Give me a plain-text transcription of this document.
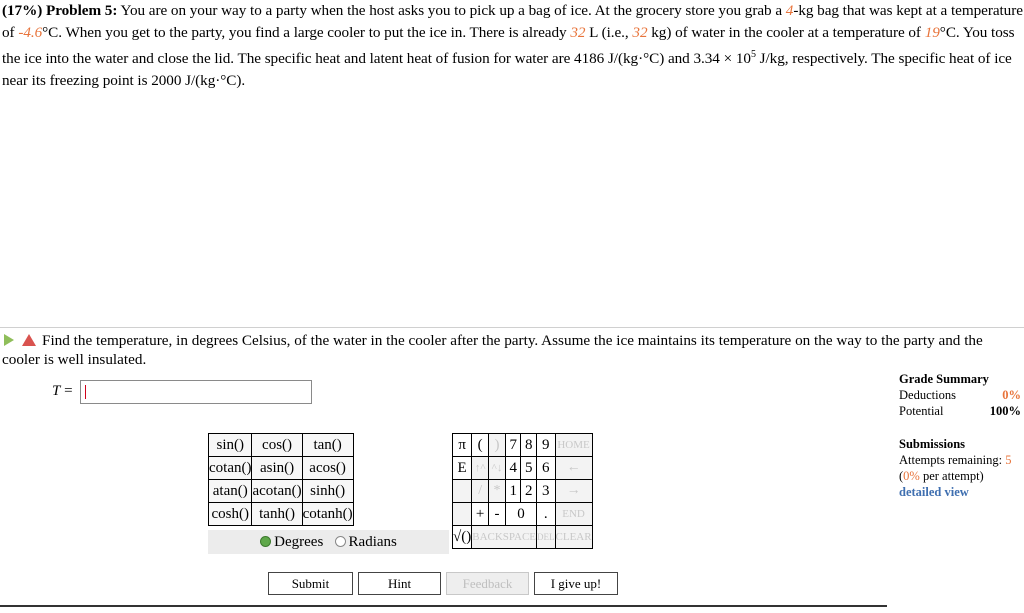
(17%) Problem 5: You are on your way to a party when the host asks you to pick up a bag of ice. At the grocery store you grab a 4-kg bag that was kept at a temperature of -4.6°C. When you get to the party, you find a large cooler to put the ice in. There is already 32 L (i.e., 32 kg) of water in the cooler at a temperature of 19°C. You toss the ice into the water and close the lid. The specific heat and latent heat of fusion for water are 4186 J/(kg·°C) and $3.34 \times 10^5$ J/kg, respectively. The specific heat of ice near its freezing point is 2000 J/(kg·°C).
Find the temperature, in degrees Celsius, of the water in the cooler after the party. Assume the ice maintains its temperature on the way to the party and the cooler is well insulated.
T =
sin()	cos()	tan()
cotan()	asin()	acos()
atan()	acotan()	sinh()
cosh()	tanh()	cotanh()
Degrees Radians
π	(	)	7	8	9	HOME
E	↑^	^↓	4	5	6	←
	/	*	1	2	3	→
	+	-	0		.	END
√()	BACKSPACE				DEL	CLEAR
Grade Summary
Deductions	0%
Potential	100%
Submissions
Attempts remaining: 5
(0% per attempt)
detailed view
Submit	Hint	Feedback	I give up!
